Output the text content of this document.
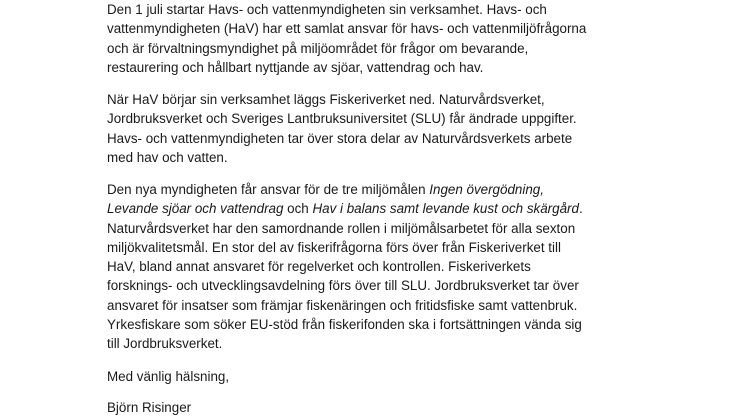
Den 1 juli startar Havs- och vattenmyndigheten sin verksamhet. Havs- och
vattenmyndigheten (HaV) har ett samlat ansvar för havs- och vattenmiljöfrågorna
och är förvaltningsmyndighet på miljöområdet för frågor om bevarande,
restaurering och hållbart nyttjande av sjöar, vattendrag och hav.
När HaV börjar sin verksamhet läggs Fiskeriverket ned. Naturvårdsverket,
Jordbruksverket och Sveriges Lantbruksuniversitet (SLU) får ändrade uppgifter.
Havs- och vattenmyndigheten tar över stora delar av Naturvårdsverkets arbete
med hav och vatten.
Den nya myndigheten får ansvar för de tre miljömålen Ingen övergödning,
Levande sjöar och vattendrag och Hav i balans samt levande kust och skärgård.
Naturvårdsverket har den samordnande rollen i miljömålsarbetet för alla sexton
miljökvalitetsmål. En stor del av fiskerifrågorna förs över från Fiskeriverket till
HaV, bland annat ansvaret för regelverket och kontrollen. Fiskeriverkets
forsknings- och utvecklingsavdelning förs över till SLU. Jordbruksverket tar över
ansvaret för insatser som främjar fiskenäringen och fritidsfiske samt vattenbruk.
Yrkesfiskare som söker EU-stöd från fiskerifonden ska i fortsättningen vända sig
till Jordbruksverket.
Med vänlig hälsning,
Björn Risinger
